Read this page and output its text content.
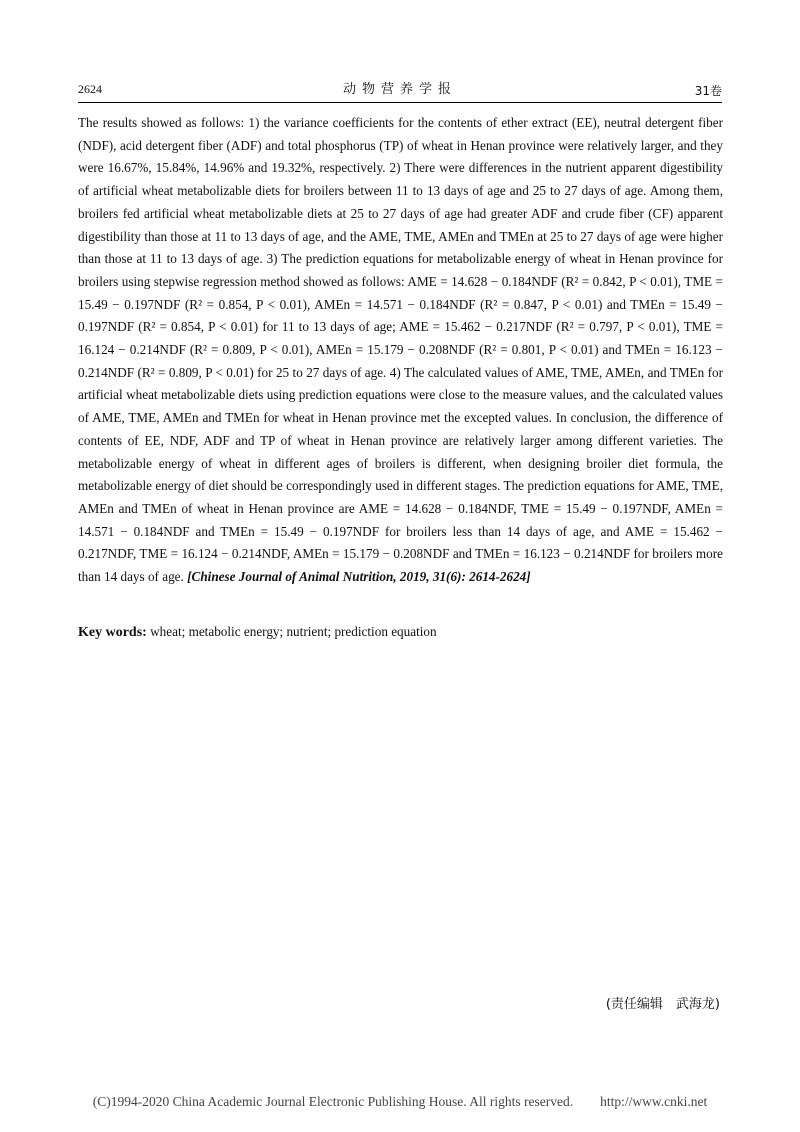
2624	动物营养学报	31卷

The results showed as follows: 1) the variance coefficients for the contents of ether extract (EE), neutral detergent fiber (NDF), acid detergent fiber (ADF) and total phosphorus (TP) of wheat in Henan province were relatively larger, and they were 16.67%, 15.84%, 14.96% and 19.32%, respectively. 2) There were differences in the nutrient apparent digestibility of artificial wheat metabolizable diets for broilers between 11 to 13 days of age and 25 to 27 days of age. Among them, broilers fed artificial wheat metabolizable diets at 25 to 27 days of age had greater ADF and crude fiber (CF) apparent digestibility than those at 11 to 13 days of age, and the AME, TME, AMEn and TMEn at 25 to 27 days of age were higher than those at 11 to 13 days of age. 3) The prediction equations for metabolizable energy of wheat in Henan province for broilers using stepwise regression method showed as follows: AME = 14.628 − 0.184NDF (R² = 0.842, P < 0.01), TME = 15.49 − 0.197NDF (R² = 0.854, P < 0.01), AMEn = 14.571 − 0.184NDF (R² = 0.847, P < 0.01) and TMEn = 15.49 − 0.197NDF (R² = 0.854, P < 0.01) for 11 to 13 days of age; AME = 15.462 − 0.217NDF (R² = 0.797, P < 0.01), TME = 16.124 − 0.214NDF (R² = 0.809, P < 0.01), AMEn = 15.179 − 0.208NDF (R² = 0.801, P < 0.01) and TMEn = 16.123 − 0.214NDF (R² = 0.809, P < 0.01) for 25 to 27 days of age. 4) The calculated values of AME, TME, AMEn, and TMEn for artificial wheat metabolizable diets using prediction equations were close to the measure values, and the calculated values of AME, TME, AMEn and TMEn for wheat in Henan province met the excepted values. In conclusion, the difference of contents of EE, NDF, ADF and TP of wheat in Henan province are relatively larger among different varieties. The metabolizable energy of wheat in different ages of broilers is different, when designing broiler diet formula, the metabolizable energy of diet should be correspondingly used in different stages. The prediction equations for AME, TME, AMEn and TMEn of wheat in Henan province are AME = 14.628 − 0.184NDF, TME = 15.49 − 0.197NDF, AMEn = 14.571 − 0.184NDF and TMEn = 15.49 − 0.197NDF for broilers less than 14 days of age, and AME = 15.462 − 0.217NDF, TME = 16.124 − 0.214NDF, AMEn = 15.179 − 0.208NDF and TMEn = 16.123 − 0.214NDF for broilers more than 14 days of age. [Chinese Journal of Animal Nutrition, 2019, 31(6): 2614-2624]

Key words: wheat; metabolic energy; nutrient; prediction equation
(责任编辑　武海龙)
(C)1994-2020 China Academic Journal Electronic Publishing House. All rights reserved.　　http://www.cnki.net
